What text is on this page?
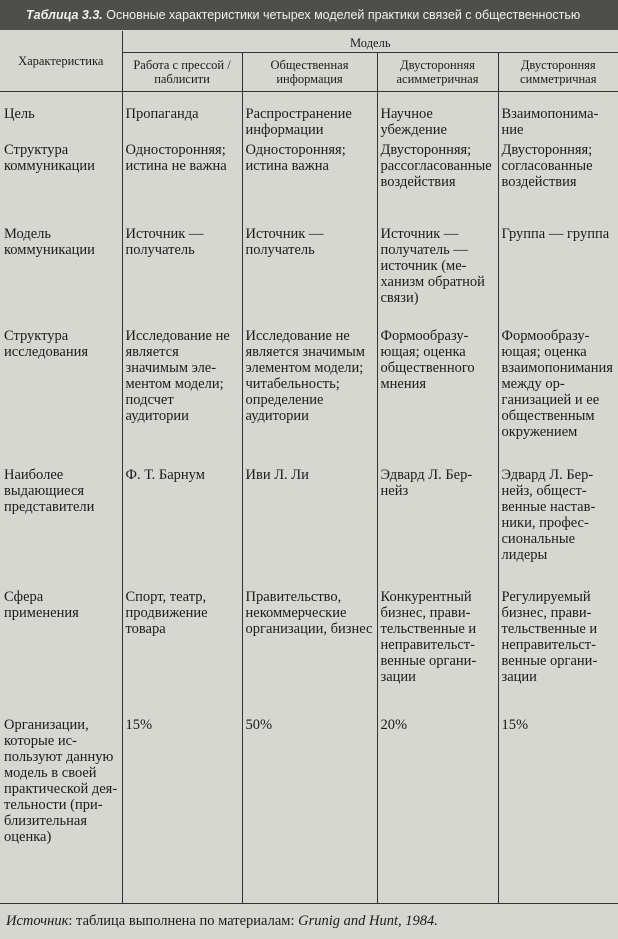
Таблица 3.3. Основные характеристики четырех моделей практики связей с общественностью
Характеристика	Модель			
	Работа с прессой /паблисити	Общественная информация	Двусторонняя асимметричная	Двусторонняя симметричная
Цель	Пропаганда	Распространение информации	Научное убеждение	Взаимопонимание
Структура коммуникации	Односторонняя; истина не важна	Односторонняя; истина важна	Двусторонняя; рассогласованные воздействия	Двусторонняя; согласованные воздействия
Модель коммуникации	Источник — получатель	Источник — получатель	Источник — получатель — источник (механизм обратной связи)	Группа — группа
Структура исследования	Исследование не является значимым элементом модели; подсчет аудитории	Исследование не является значимым элементом модели; читабельность; определение аудитории	Формообразующая; оценка общественного мнения	Формообразующая; оценка взаимопонимания между организацией и ее общественным окружением
Наиболее выдающиеся представители	Ф. Т. Барнум	Иви Л. Ли	Эдвард Л. Бернейз	Эдвард Л. Бернейз, общественные наставники, профессиональные лидеры
Сфера применения	Спорт, театр, продвижение товара	Правительство, некоммерческие организации, бизнес	Конкурентный бизнес, правительственные и неправительственные организации	Регулируемый бизнес, правительственные и неправительственные организации
Организации, которые используют данную модель в своей практической деятельности (приблизительная оценка)	15%	50%	20%	15%
Источник: таблица выполнена по материалам: Grunig and Hunt, 1984.
